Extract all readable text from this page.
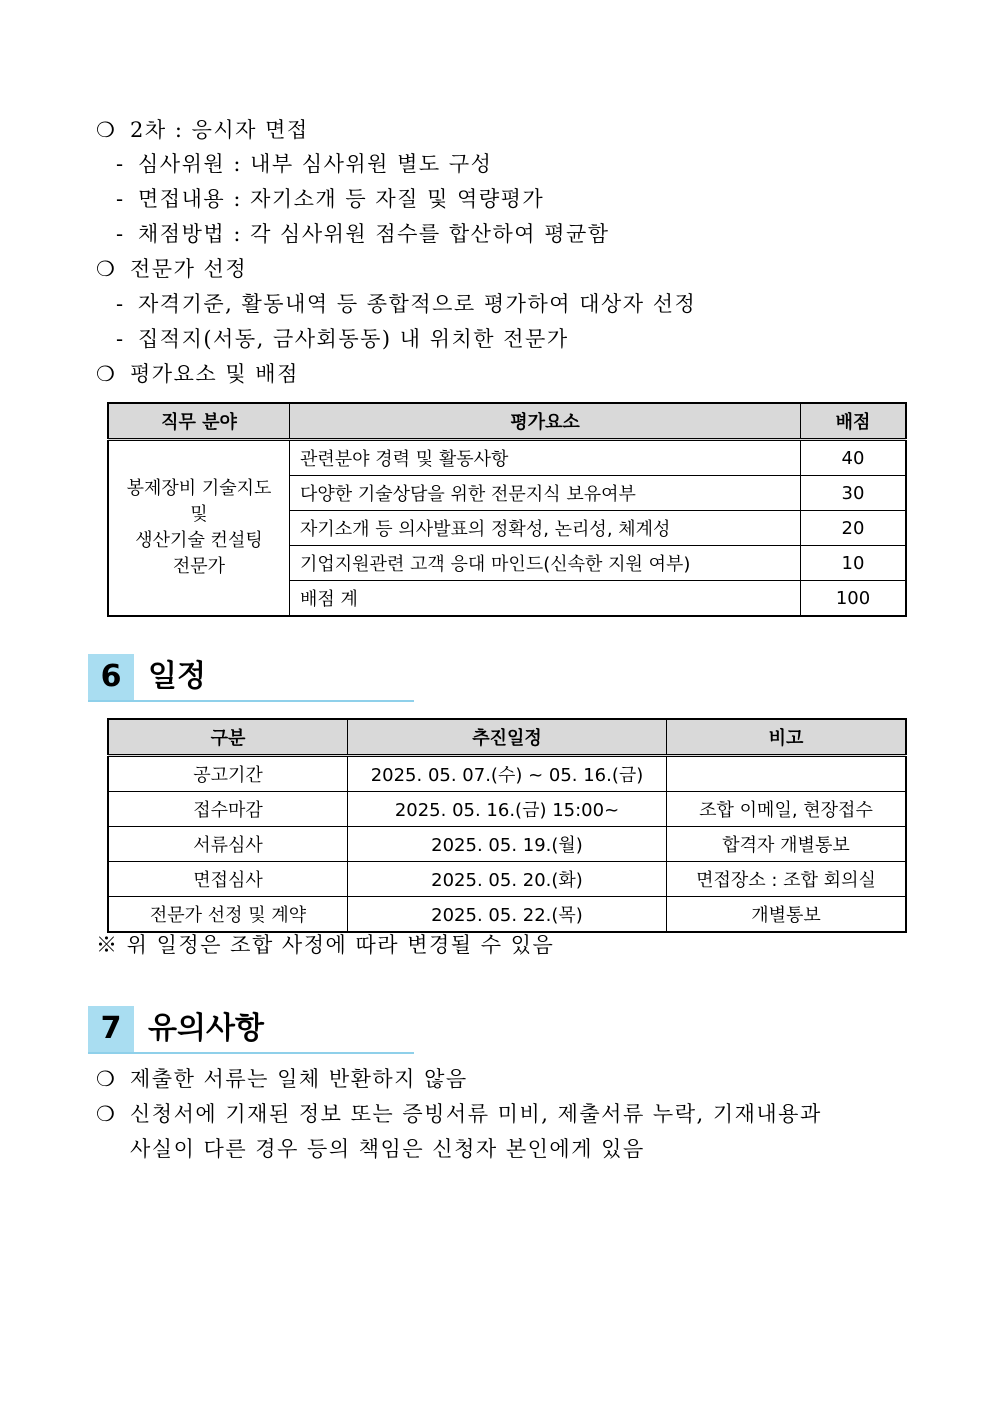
❍ 2차 : 응시자 면접
- 심사위원 : 내부 심사위원 별도 구성
- 면접내용 : 자기소개 등 자질 및 역량평가
- 채점방법 : 각 심사위원 점수를 합산하여 평균함
❍ 전문가 선정
- 자격기준, 활동내역 등 종합적으로 평가하여 대상자 선정
- 집적지(서동, 금사회동동) 내 위치한 전문가
❍ 평가요소 및 배점
직무 분야	평가요소	배점

봉제장비 기술지도
및
생산기술 컨설팅
전문가	관련분야 경력 및 활동사항	40
	다양한 기술상담을 위한 전문지식 보유여부	30
	자기소개 등 의사발표의 정확성, 논리성, 체계성	20
	기업지원관련 고객 응대 마인드(신속한 지원 여부)	10
	배점 계	100
6 일정
구분	추진일정	비고
공고기간	2025. 05. 07.(수) ~ 05. 16.(금)	
접수마감	2025. 05. 16.(금) 15:00~	조합 이메일, 현장접수
서류심사	2025. 05. 19.(월)	합격자 개별통보
면접심사	2025. 05. 20.(화)	면접장소 : 조합 회의실
전문가 선정 및 계약	2025. 05. 22.(목)	개별통보
※ 위 일정은 조합 사정에 따라 변경될 수 있음
7 유의사항
❍ 제출한 서류는 일체 반환하지 않음
❍ 신청서에 기재된 정보 또는 증빙서류 미비, 제출서류 누락, 기재내용과
사실이 다른 경우 등의 책임은 신청자 본인에게 있음
